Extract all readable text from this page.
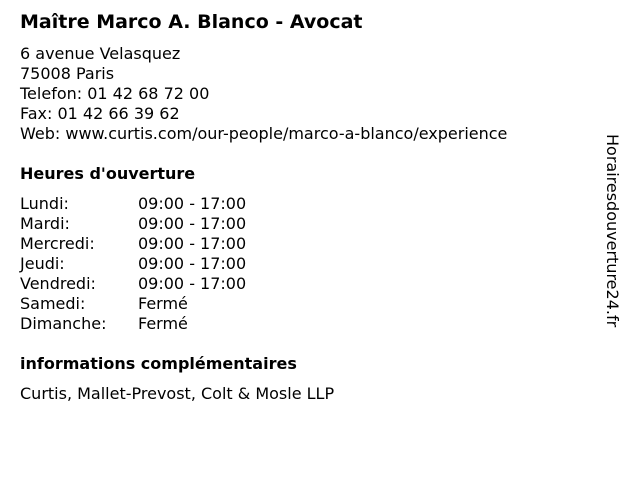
Maître Marco A. Blanco - Avocat
6 avenue Velasquez
75008 Paris
Telefon: 01 42 68 72 00
Fax: 01 42 66 39 62
Web: www.curtis.com/our-people/marco-a-blanco/experience
Heures d'ouverture
Lundi:	09:00 - 17:00
Mardi:	09:00 - 17:00
Mercredi:	09:00 - 17:00
Jeudi:	09:00 - 17:00
Vendredi:	09:00 - 17:00
Samedi:	Fermé
Dimanche:	Fermé
informations complémentaires
Curtis, Mallet-Prevost, Colt & Mosle LLP
Horairesdouverture24.fr
